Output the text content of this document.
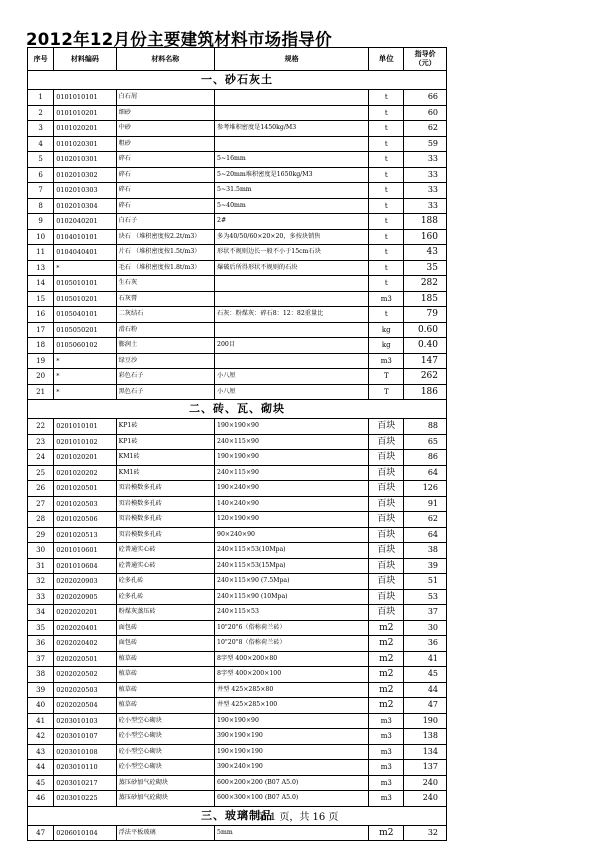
2012年12月份主要建筑材料市场指导价
序号	材料编码	材料名称	规格	单位	指导价（元）
一、砂石灰土					
1	0101010101	白石屑		t	66
2	0101010201	细砂		t	60
3	0101020201	中砂	参考堆积密度是1450kg/M3	t	62
4	0101020301	粗砂		t	59
5	0102010301	碎石	5~16mm	t	33
6	0102010302	碎石	5~20mm堆积密度是1650kg/M3	t	33
7	0102010303	碎石	5~31.5mm	t	33
8	0102010304	碎石	5~40mm	t	33
9	0102040201	白石子	2#	t	188
10	0104010101	块石 （堆积密度按2.2t/m3）	多为40/50/60×20×20，多按块销售	t	160
11	0104040401	片石 （堆积密度按1.5t/m3）	形状不规则边长一般不小于15cm石块	t	43
13	*	毛石 （堆积密度按1.8t/m3）	爆破后所得形状不规则的石块	t	35
14	0105010101	生石灰		t	282
15	0105010201	石灰膏		m3	185
16	0105040101	二灰结石	石灰：粉煤灰：碎石8：12：82重量比	t	79
17	0105050201	滑石粉		kg	0.60
18	0105060102	膨润土	200目	kg	0.40
19	*	绿豆沙		m3	147
20	*	彩色石子	小八厘	T	262
21	*	黑色石子	小八厘	T	186
二、砖、瓦、砌块					
22	0201010101	KP1砖	190×190×90	百块	88
23	0201010102	KP1砖	240×115×90	百块	65
24	0201020201	KM1砖	190×190×90	百块	86
25	0201020202	KM1砖	240×115×90	百块	64
26	0201020501	页岩模数多孔砖	190×240×90	百块	126
27	0201020503	页岩模数多孔砖	140×240×90	百块	91
28	0201020506	页岩模数多孔砖	120×190×90	百块	62
29	0201020513	页岩模数多孔砖	90×240×90	百块	64
30	0201010601	砼普通实心砖	240×115×53(10Mpa)	百块	38
31	0201010604	砼普通实心砖	240×115×53(15Mpa)	百块	39
32	0202020903	砼多孔砖	240×115×90 (7.5Mpa)	百块	51
33	0202020905	砼多孔砖	240×115×90 (10Mpa)	百块	53
34	0202020201	粉煤灰蒸压砖	240×115×53	百块	37
35	0202020401	面包砖	10"20"6（俗称荷兰砖）	m2	30
36	0202020402	面包砖	10"20"8（俗称荷兰砖）	m2	36
37	0202020501	植草砖	8字型 400×200×80	m2	41
38	0202020502	植草砖	8字型 400×200×100	m2	45
39	0202020503	植草砖	井型 425×285×80	m2	44
40	0202020504	植草砖	井型 425×285×100	m2	47
41	0203010103	砼小型空心砌块	190×190×90	m3	190
42	0203010107	砼小型空心砌块	390×190×190	m3	138
43	0203010108	砼小型空心砌块	190×190×190	m3	134
44	0203010110	砼小型空心砌块	390×240×190	m3	137
45	0203010217	蒸压砂加气砼砌块	600×200×200 (B07 A5.0)	m3	240
46	0203010225	蒸压砂加气砼砌块	600×300×100 (B07 A5.0)	m3	240
三、玻璃制品					
47	0206010104	浮法平板玻璃	5mm	m2	32
第 1 页，共 16 页
